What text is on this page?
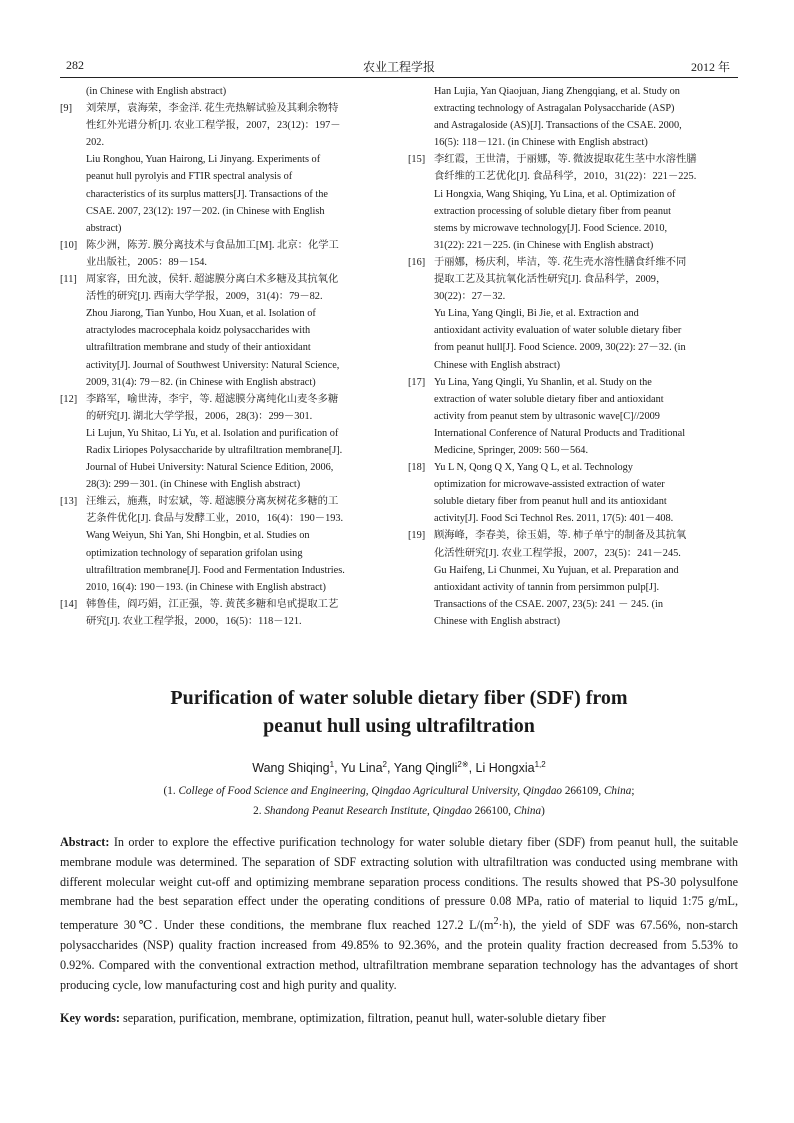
农业工程学报
282	2012 年
(in Chinese with English abstract)
[9] 刘荣厚，袁海荣，李金洋. 花生壳热解试验及其剩余物特
性红外光谱分析[J]. 农业工程学报，2007，23(12)：197－
202.
Liu Ronghou, Yuan Hairong, Li Jinyang. Experiments of
peanut hull pyrolyis and FTIR spectral analysis of
characteristics of its surplus matters[J]. Transactions of the
CSAE. 2007, 23(12): 197－202. (in Chinese with English
abstract)
[10] 陈少洲，陈芳. 膜分离技术与食品加工[M]. 北京：化学工
业出版社，2005：89－154.
[11] 周家容，田允波，侯轩. 超滤膜分离白术多糖及其抗氧化
活性的研究[J]. 西南大学学报，2009，31(4)：79－82.
Zhou Jiarong, Tian Yunbo, Hou Xuan, et al. Isolation of
atractylodes macrocephala koidz polysaccharides with
ultrafiltration membrane and study of their antioxidant
activity[J]. Journal of Southwest University: Natural Science,
2009, 31(4): 79－82. (in Chinese with English abstract)
[12] 李路军，喻世涛，李宇，等. 超滤膜分离纯化山麦冬多糖
的研究[J]. 湖北大学学报，2006，28(3)：299－301.
Li Lujun, Yu Shitao, Li Yu, et al. Isolation and purification of
Radix Liriopes Polysaccharide by ultrafiltration membrane[J].
Journal of Hubei University: Natural Science Edition, 2006,
28(3): 299－301. (in Chinese with English abstract)
[13] 汪维云，施燕，时宏斌，等. 超滤膜分离灰树花多糖的工
艺条件优化[J]. 食品与发酵工业，2010，16(4)：190－193.
Wang Weiyun, Shi Yan, Shi Hongbin, et al. Studies on
optimization technology of separation grifolan using
ultrafiltration membrane[J]. Food and Fermentation Industries.
2010, 16(4): 190－193. (in Chinese with English abstract)
[14] 韩鲁佳，阎巧娟，江正强，等. 黄芪多糖和皂甙提取工艺
研究[J]. 农业工程学报，2000，16(5)：118－121.
Han Lujia, Yan Qiaojuan, Jiang Zhengqiang, et al. Study on
extracting technology of Astragalan Polysaccharide (ASP)
and Astragaloside (AS)[J]. Transactions of the CSAE. 2000,
16(5): 118－121. (in Chinese with English abstract)
[15] 李红霞，王世清，于丽娜，等. 微波提取花生茎中水溶性膳
食纤维的工艺优化[J]. 食品科学，2010，31(22)：221－225.
Li Hongxia, Wang Shiqing, Yu Lina, et al. Optimization of
extraction processing of soluble dietary fiber from peanut
stems by microwave technology[J]. Food Science. 2010,
31(22): 221－225. (in Chinese with English abstract)
[16] 于丽娜，杨庆利，毕洁，等. 花生壳水溶性膳食纤维不同
提取工艺及其抗氧化活性研究[J]. 食品科学，2009，
30(22)：27－32.
Yu Lina, Yang Qingli, Bi Jie, et al. Extraction and
antioxidant activity evaluation of water soluble dietary fiber
from peanut hull[J]. Food Science. 2009, 30(22): 27－32. (in
Chinese with English abstract)
[17] Yu Lina, Yang Qingli, Yu Shanlin, et al. Study on the
extraction of water soluble dietary fiber and antioxidant
activity from peanut stem by ultrasonic wave[C]//2009
International Conference of Natural Products and Traditional
Medicine, Springer, 2009: 560－564.
[18] Yu L N, Qong Q X, Yang Q L, et al. Technology
optimization for microwave-assisted extraction of water
soluble dietary fiber from peanut hull and its antioxidant
activity[J]. Food Sci Technol Res. 2011, 17(5): 401－408.
[19] 顾海峰，李春美，徐玉娟，等. 柿子单宁的制备及其抗氧
化活性研究[J]. 农业工程学报，2007，23(5)：241－245.
Gu Haifeng, Li Chunmei, Xu Yujuan, et al. Preparation and
antioxidant activity of tannin from persimmon pulp[J].
Transactions of the CSAE. 2007, 23(5): 241 － 245. (in
Chinese with English abstract)
Purification of water soluble dietary fiber (SDF) from
peanut hull using ultrafiltration
Wang Shiqing$^1$, Yu Lina$^2$, Yang Qingli$^{2※}$, Li Hongxia$^{1,2}$
(1. College of Food Science and Engineering, Qingdao Agricultural University, Qingdao 266109, China;
2. Shandong Peanut Research Institute, Qingdao 266100, China)
Abstract: In order to explore the effective purification technology for water soluble dietary fiber (SDF) from peanut hull, the suitable membrane module was determined. The separation of SDF extracting solution with ultrafiltration was conducted using membrane with different molecular weight cut-off and optimizing membrane separation process conditions. The results showed that PS-30 polysulfone membrane had the best separation effect under the operating conditions of pressure 0.08 MPa, ratio of material to liquid 1:75 g/mL, temperature 30℃. Under these conditions, the membrane flux reached 127.2 $L/(m^2\cdot h)$, the yield of SDF was 67.56%, non-starch polysaccharides (NSP) quality fraction increased from 49.85% to 92.36%, and the protein quality fraction decreased from 5.53% to 0.92%. Compared with the conventional extraction method, ultrafiltration membrane separation technology has the advantages of short producing cycle, low manufacturing cost and high purity and quality.
Key words: separation, purification, membrane, optimization, filtration, peanut hull, water-soluble dietary fiber
